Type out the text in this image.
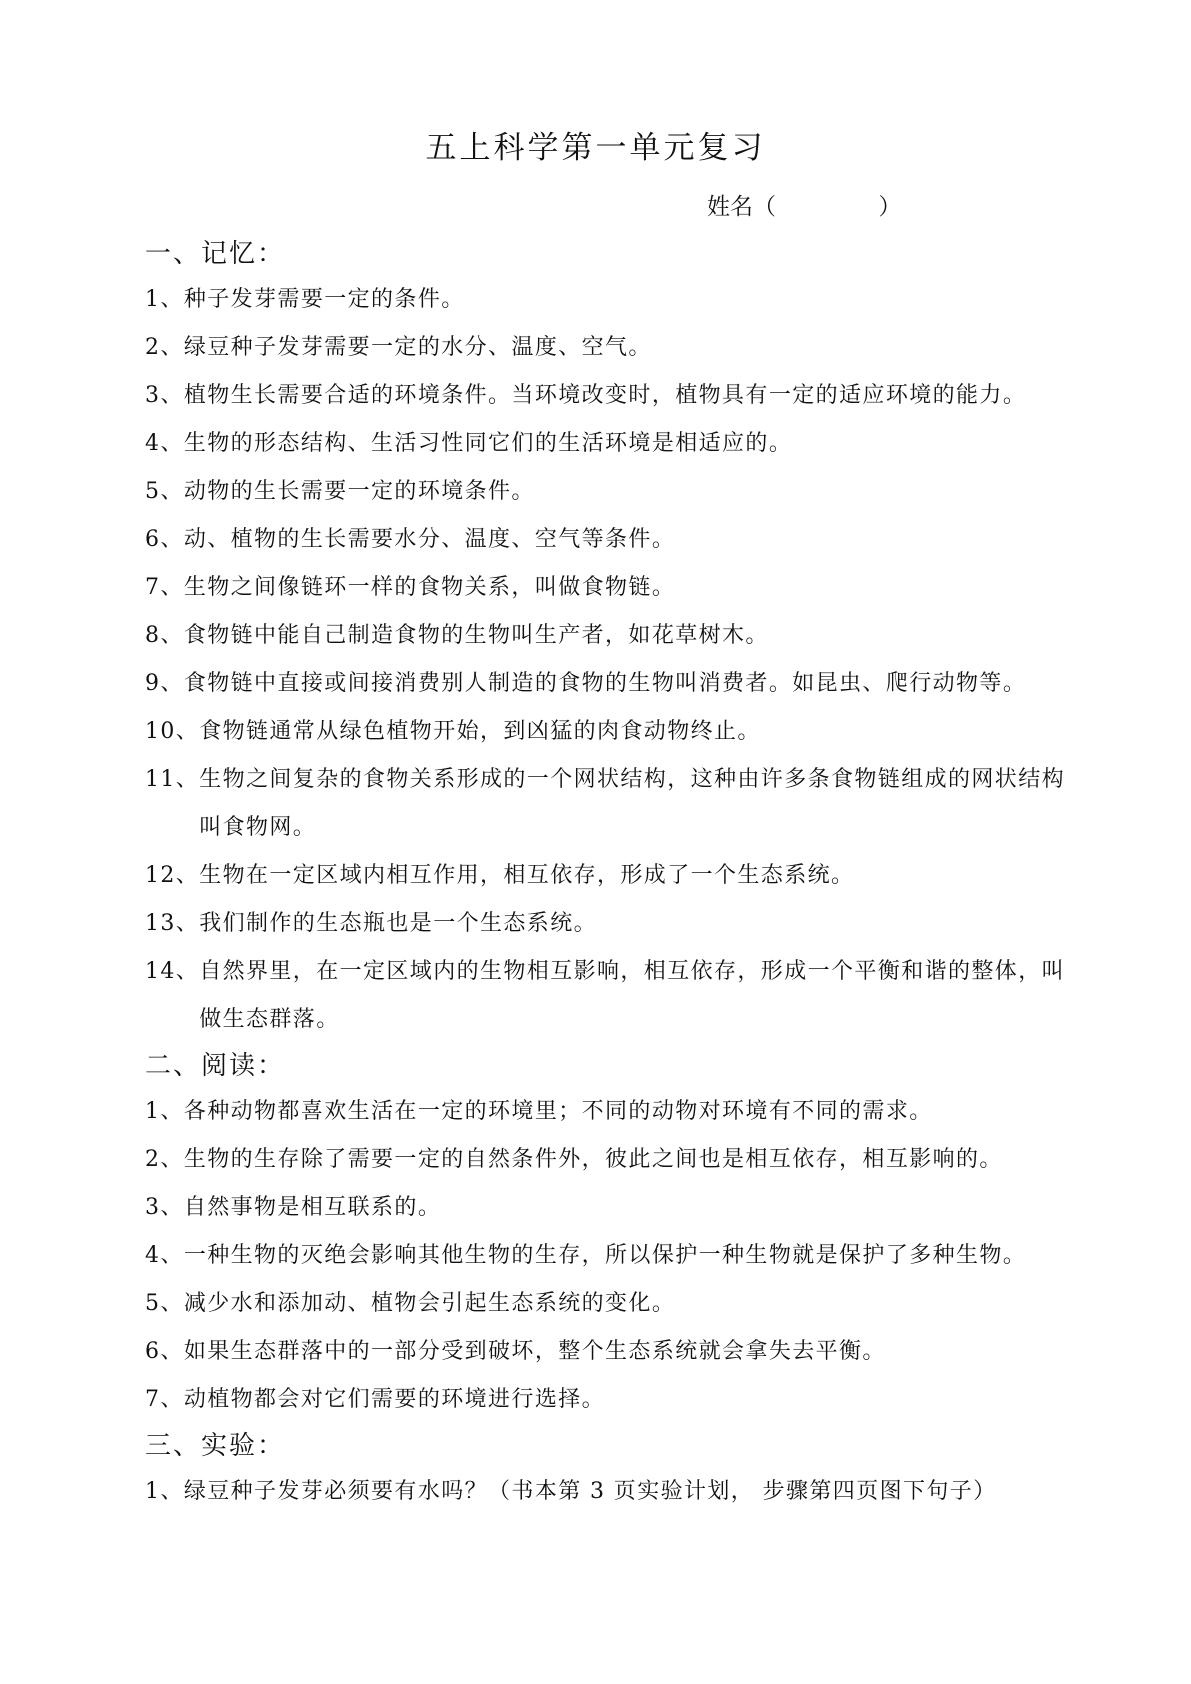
五上科学第一单元复习
姓名（              ）
一、记忆：
1、 种子发芽需要一定的条件。
2、 绿豆种子发芽需要一定的水分、温度、空气。
3、 植物生长需要合适的环境条件。当环境改变时，植物具有一定的适应环境的能力。
4、 生物的形态结构、生活习性同它们的生活环境是相适应的。
5、 动物的生长需要一定的环境条件。
6、 动、植物的生长需要水分、温度、空气等条件。
7、 生物之间像链环一样的食物关系，叫做食物链。
8、 食物链中能自己制造食物的生物叫生产者，如花草树木。
9、 食物链中直接或间接消费别人制造的食物的生物叫消费者。如昆虫、爬行动物等。
10、 食物链通常从绿色植物开始，到凶猛的肉食动物终止。
11、 生物之间复杂的食物关系形成的一个网状结构，这种由许多条食物链组成的网状结构叫食物网。
12、 生物在一定区域内相互作用，相互依存，形成了一个生态系统。
13、 我们制作的生态瓶也是一个生态系统。
14、 自然界里，在一定区域内的生物相互影响，相互依存，形成一个平衡和谐的整体，叫做生态群落。
二、阅读：
1、 各种动物都喜欢生活在一定的环境里；不同的动物对环境有不同的需求。
2、 生物的生存除了需要一定的自然条件外，彼此之间也是相互依存，相互影响的。
3、 自然事物是相互联系的。
4、 一种生物的灭绝会影响其他生物的生存，所以保护一种生物就是保护了多种生物。
5、 减少水和添加动、植物会引起生态系统的变化。
6、 如果生态群落中的一部分受到破坏，整个生态系统就会拿失去平衡。
7、 动植物都会对它们需要的环境进行选择。
三、实验：
1、 绿豆种子发芽必须要有水吗？（书本第 3 页实验计划， 步骤第四页图下句子）
